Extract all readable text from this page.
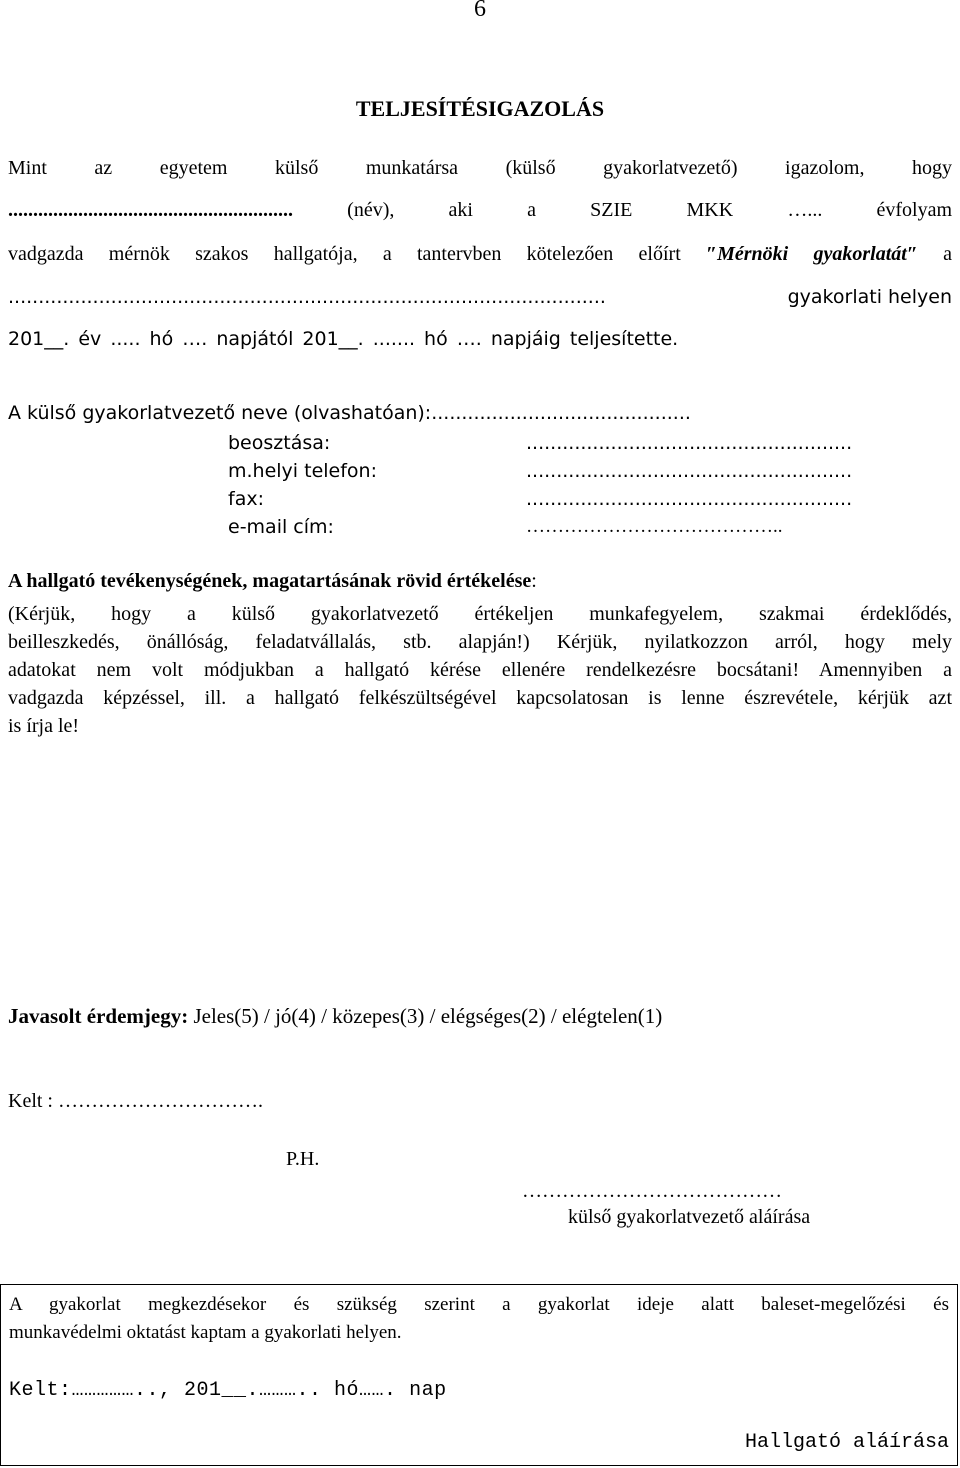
6
TELJESÍTÉSIGAZOLÁS
Mint az egyetem külső munkatársa (külső gyakorlatvezető) igazolom, hogy
.........................................................	(név), aki a SZIE MKK …... évfolyam
vadgazda mérnök szakos hallgatója, a tantervben kötelezően előírt ″Mérnöki gyakorlatát″ a
...................................................................................................	gyakorlati helyen
201__. év ..... hó …. napjától 201__. ....... hó …. napjáig teljesítette.
A külső gyakorlatvezető neve (olvashatóan):...........................................
beosztása:	......................................................
m.helyi telefon:	......................................................
fax:	......................................................
e-mail cím:	…………………………………..
A hallgató tevékenységének, magatartásának rövid értékelése:
(Kérjük, hogy a külső gyakorlatvezető értékeljen munkafegyelem, szakmai érdeklődés,
beilleszkedés, önállóság, feladatvállalás, stb. alapján!) Kérjük, nyilatkozzon arról, hogy mely
adatokat nem volt módjukban a hallgató kérése ellenére rendelkezésre bocsátani! Amennyiben a
vadgazda képzéssel, ill. a hallgató felkészültségével kapcsolatosan is lenne észrevétele, kérjük azt
is írja le!
Javasolt érdemjegy: Jeles(5) / jó(4) / közepes(3) / elégséges(2) / elégtelen(1)
Kelt : ………………………….
P.H.
…………………………………
külső gyakorlatvezető aláírása
A gyakorlat megkezdésekor és szükség szerint a gyakorlat ideje alatt baleset-megelőzési és
munkavédelmi oktatást kaptam a gyakorlati helyen.
Kelt:…………….., 201__.……….. hó……. nap
Hallgató aláírása
